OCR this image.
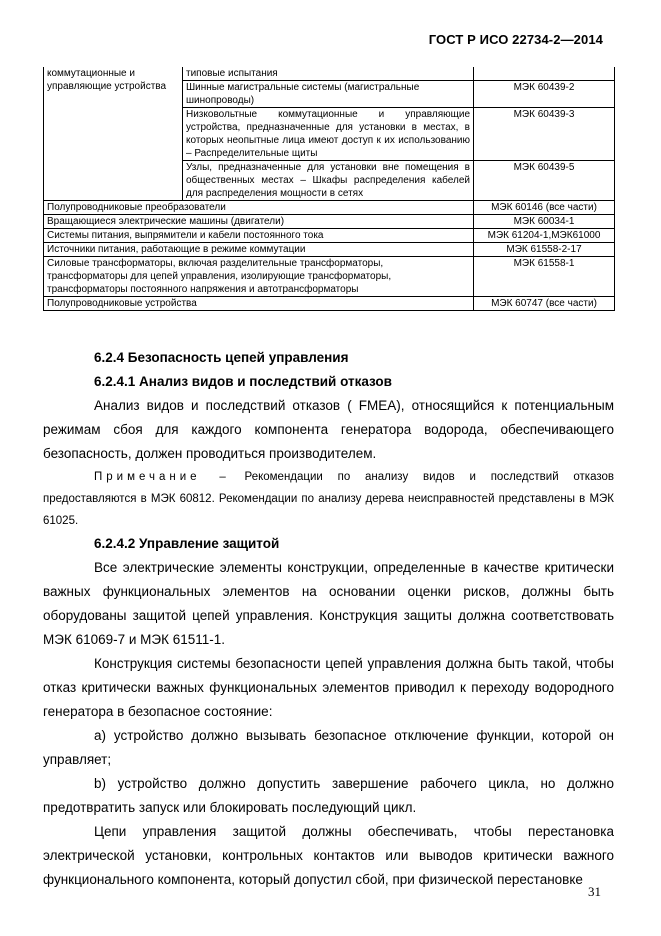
ГОСТ Р ИСО 22734-2—2014
коммутационные и управляющие устройства	типовые испытания	
Шинные магистральные системы (магистральные шинопроводы)	МЭК 60439-2
Низковольтные коммутационные и управляющие устройства, предназначенные для установки в местах, в которых неопытные лица имеют доступ к их использованию – Распределительные щиты	МЭК 60439-3
Узлы, предназначенные для установки вне помещения в общественных местах – Шкафы распределения кабелей для распределения мощности в сетях	МЭК 60439-5
Полупроводниковые преобразователи	МЭК 60146 (все части)
Вращающиеся электрические машины (двигатели)	МЭК 60034-1
Системы питания, выпрямители и кабели постоянного тока	МЭК 61204-1,МЭК61000
Источники питания, работающие в режиме коммутации	МЭК 61558-2-17
Силовые трансформаторы, включая разделительные трансформаторы, трансформаторы для цепей управления, изолирующие трансформаторы, трансформаторы постоянного напряжения и автотрансформаторы	МЭК 61558-1
Полупроводниковые устройства	МЭК 60747 (все части)

6.2.4 Безопасность цепей управления

6.2.4.1 Анализ видов и последствий отказов

Анализ видов и последствий отказов ( FMEA), относящийся к потенциальным режимам сбоя для каждого компонента генератора водорода, обеспечивающего безопасность, должен проводиться производителем.

Примечание – Рекомендации по анализу видов и последствий отказов предоставляются в МЭК 60812. Рекомендации по анализу дерева неисправностей представлены в МЭК 61025.

6.2.4.2 Управление защитой

Все электрические элементы конструкции, определенные в качестве критически важных функциональных элементов на основании оценки рисков, должны быть оборудованы защитой цепей управления. Конструкция защиты должна соответствовать МЭК 61069-7 и МЭК 61511-1.

Конструкция системы безопасности цепей управления должна быть такой, чтобы отказ критически важных функциональных элементов приводил к переходу водородного генератора в безопасное состояние:

a) устройство должно вызывать безопасное отключение функции, которой он управляет;

b) устройство должно допустить завершение рабочего цикла, но должно предотвратить запуск или блокировать последующий цикл.

Цепи управления защитой должны обеспечивать, чтобы перестановка электрической установки, контрольных контактов или выводов критически важного функционального компонента, который допустил сбой, при физической перестановке

31
